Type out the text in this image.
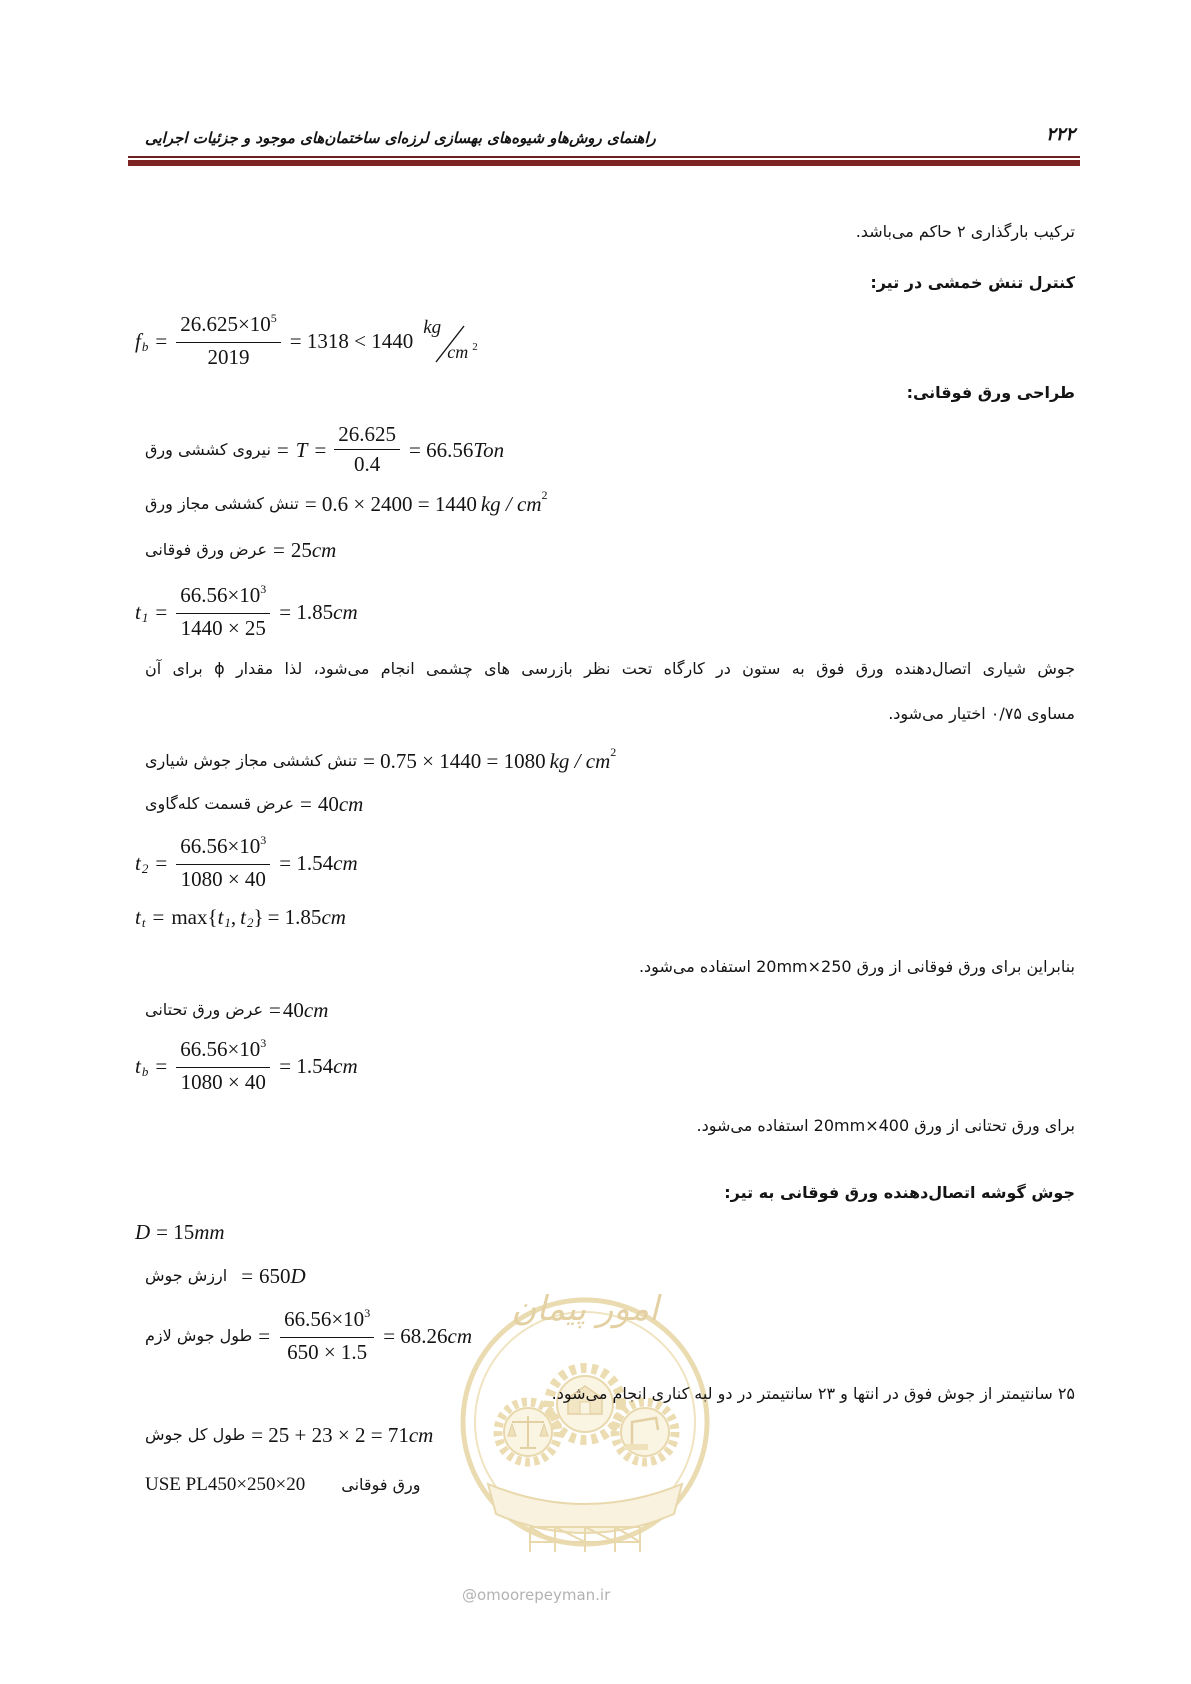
امور پیمان
@omoorepeyman.ir
راهنمای روش‌هاو شیوه‌های بهسازی لرزه‌ای ساختمان‌های موجود و جزئیات اجرایی	۲۲۲
ترکیب بارگذاری ۲ حاکم می‌باشد.
کنترل تنش خمشی در تیر:
f $b = \frac{26.625\times 10^5}{2019} = 1318 < 1440$
kg
cm $^2$
طراحی ورق فوقانی:
نیروی کششی ورق = $T = \frac{26.625}{0.4} = 66.56$ Ton
تنش کششی مجاز ورق = 0.6 × 2400 = 1440 kg / cm 2
عرض ورق فوقانی = 25 cm
t $1 = \frac{66.56\times 10^3}{1440 \times 25} = 1.85$ cm
جوش شیاری اتصال‌دهنده ورق فوق به ستون در کارگاه تحت نظر بازرسی های چشمی انجام می‌شود، لذا مقدار ϕ برای آن
مساوی ۰/۷۵ اختیار می‌شود.
تنش کششی مجاز جوش شیاری = 0.75 × 1440 = 1080 kg / cm 2
عرض قسمت کله‌گاوی = 40 cm
t $2 = \frac{66.56\times 10^3}{1080 \times 40} = 1.54$ cm
t t = max { t 1 , t 2 } = 1.85 cm
بنابراین برای ورق فوقانی از ورق 250×20mm استفاده می‌شود.
عرض ورق تحتانی = 40 cm
t $b = \frac{66.56\times 10^3}{1080 \times 40} = 1.54$ cm
برای ورق تحتانی از ورق 400×20mm استفاده می‌شود.
جوش گوشه اتصال‌دهنده ورق فوقانی به تیر:
D = 15 mm
ارزش جوش = 650 D
طول جوش لازم = $\frac{66.56\times 10^3}{650 \times 1.5} = 68.26$ cm
۲۵ سانتیمتر از جوش فوق در انتها و ۲۳ سانتیمتر در دو لبه کناری انجام می‌شود.
طول کل جوش = 25 + 23 × 2 = 71 cm
USE PL450×250×20 ورق فوقانی
